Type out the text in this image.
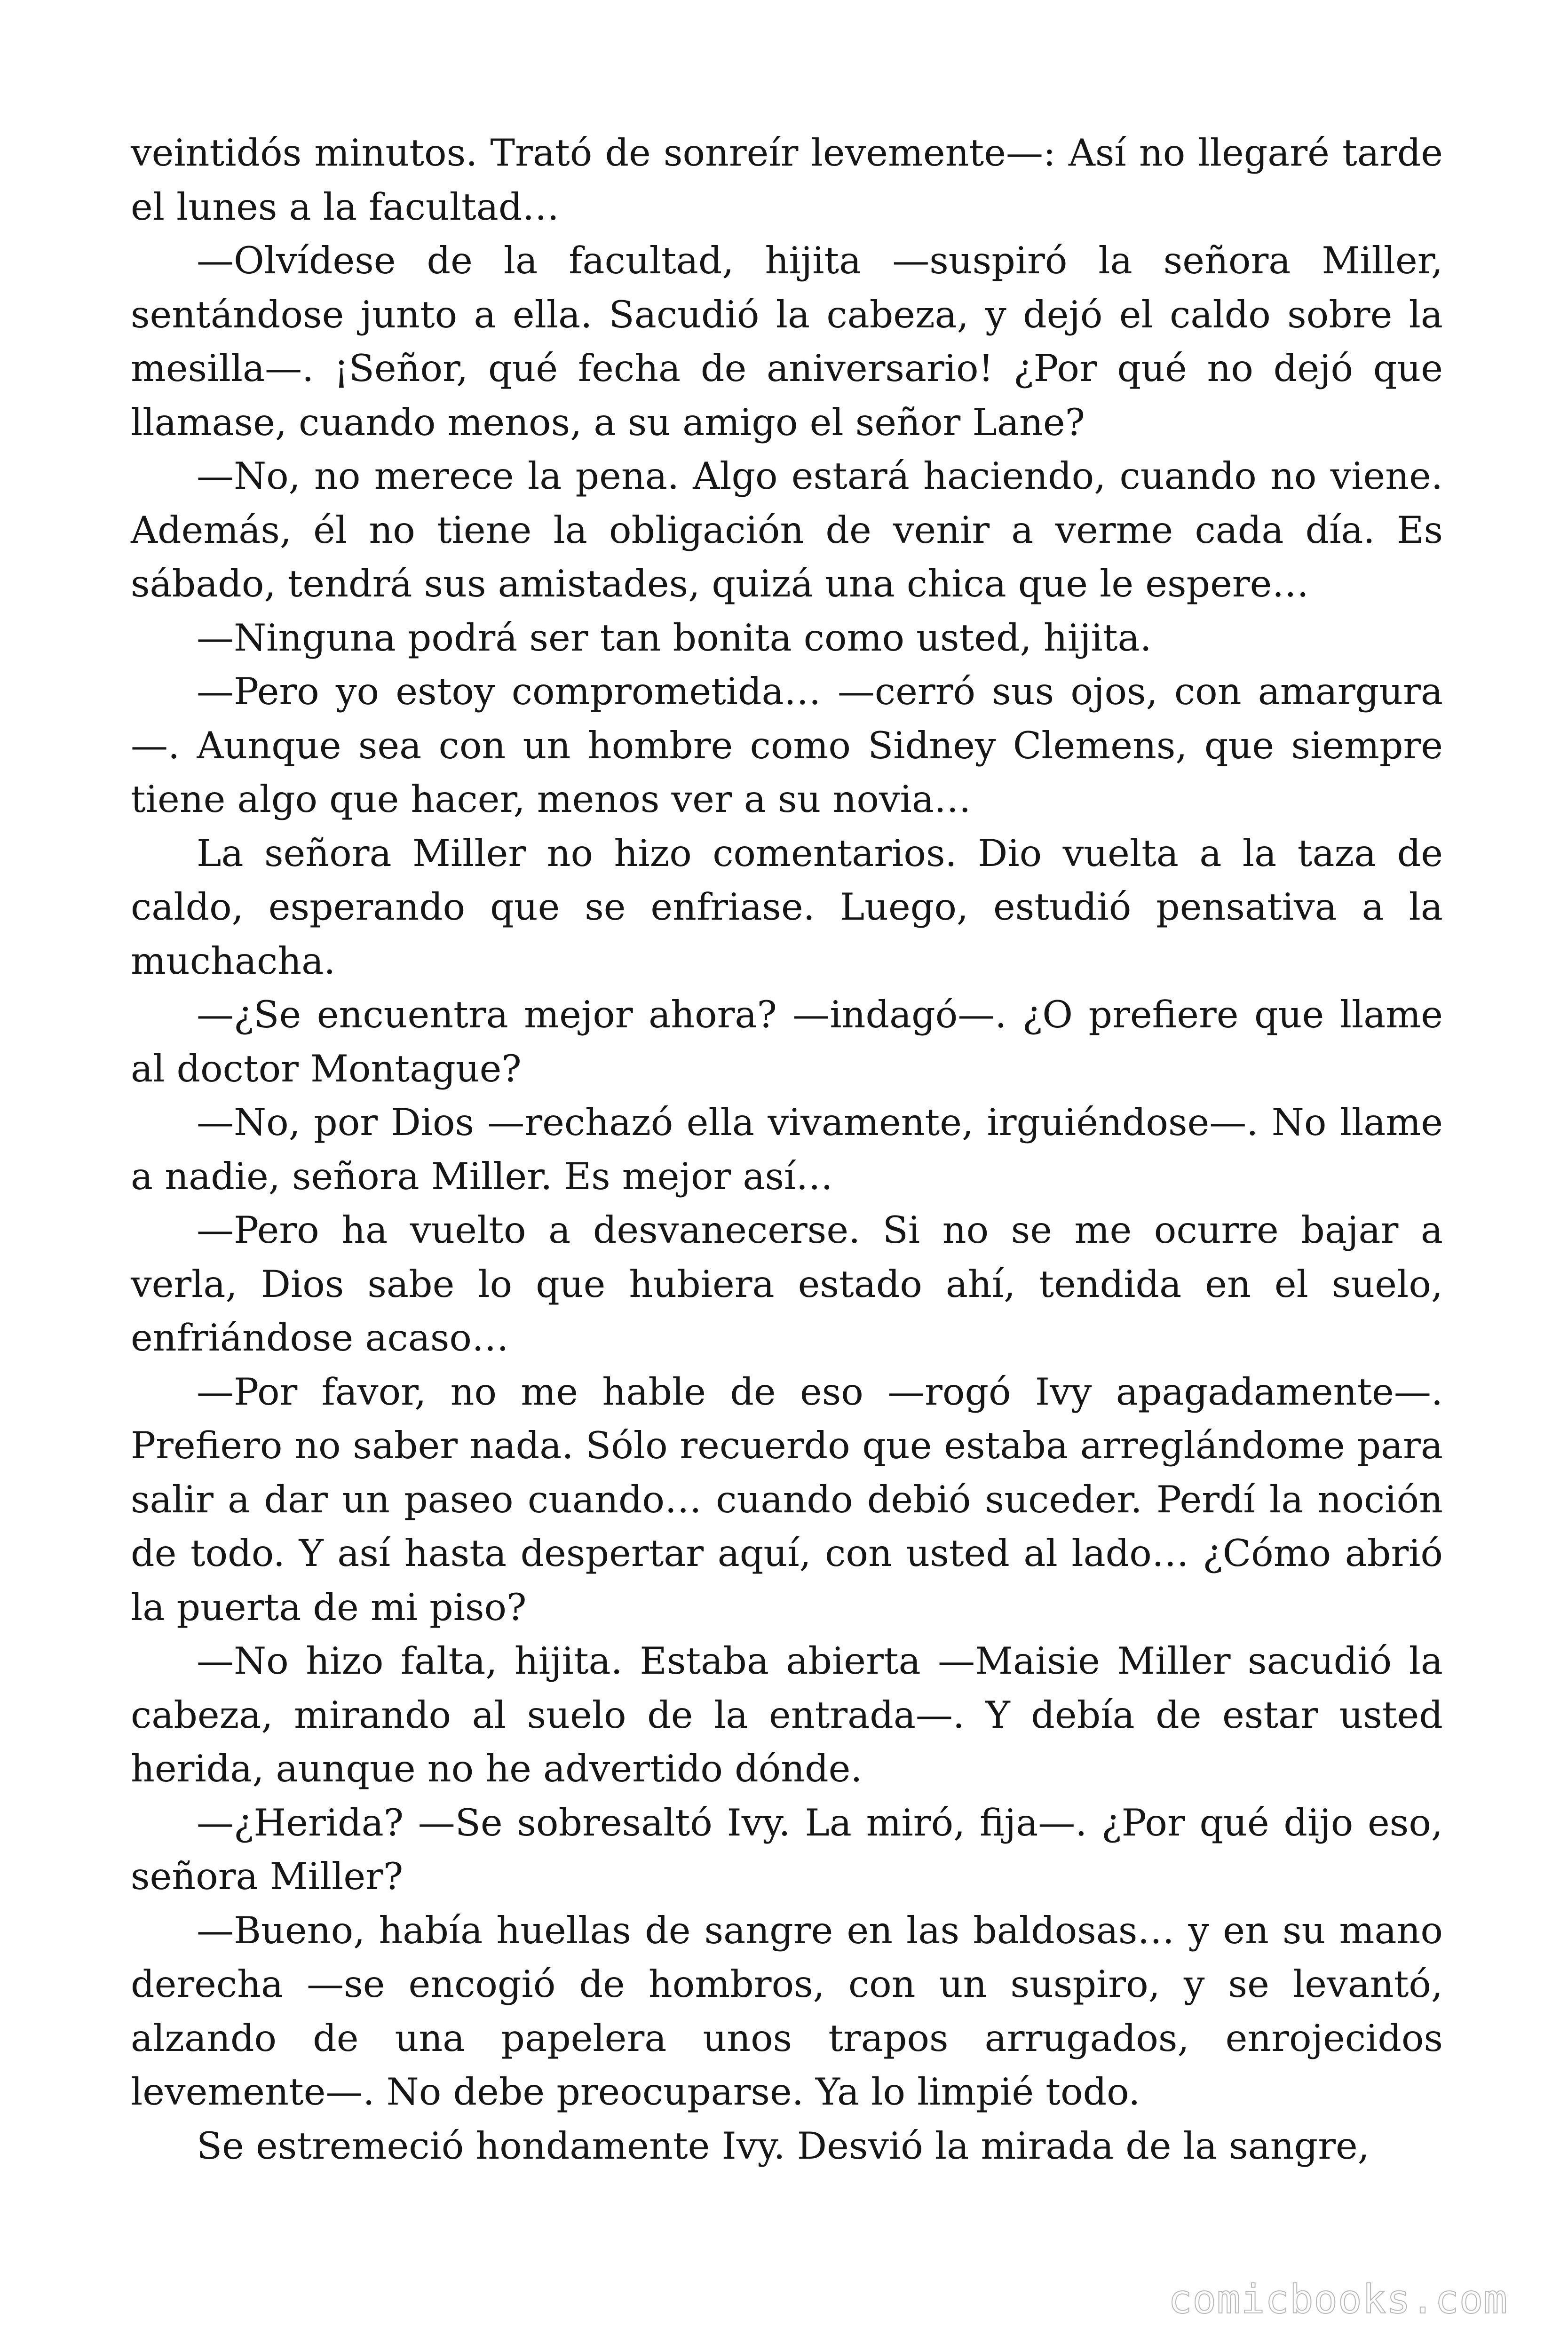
veintidós minutos. Trató de sonreír levemente—: Así no llegaré tarde el lunes a la facultad…

—Olvídese de la facultad, hijita —suspiró la señora Miller, sentándose junto a ella. Sacudió la cabeza, y dejó el caldo sobre la mesilla—. ¡Señor, qué fecha de aniversario! ¿Por qué no dejó que llamase, cuando menos, a su amigo el señor Lane?

—No, no merece la pena. Algo estará haciendo, cuando no viene. Además, él no tiene la obligación de venir a verme cada día. Es sábado, tendrá sus amistades, quizá una chica que le espere…

—Ninguna podrá ser tan bonita como usted, hijita.

—Pero yo estoy comprometida… —cerró sus ojos, con amargura —. Aunque sea con un hombre como Sidney Clemens, que siempre tiene algo que hacer, menos ver a su novia…

La señora Miller no hizo comentarios. Dio vuelta a la taza de caldo, esperando que se enfriase. Luego, estudió pensativa a la muchacha.

—¿Se encuentra mejor ahora? —indagó—. ¿O prefiere que llame al doctor Montague?

—No, por Dios —rechazó ella vivamente, irguiéndose—. No llame a nadie, señora Miller. Es mejor así…

—Pero ha vuelto a desvanecerse. Si no se me ocurre bajar a verla, Dios sabe lo que hubiera estado ahí, tendida en el suelo, enfriándose acaso…

—Por favor, no me hable de eso —rogó Ivy apagadamente—. Prefiero no saber nada. Sólo recuerdo que estaba arreglándome para salir a dar un paseo cuando… cuando debió suceder. Perdí la noción de todo. Y así hasta despertar aquí, con usted al lado… ¿Cómo abrió la puerta de mi piso?

—No hizo falta, hijita. Estaba abierta —Maisie Miller sacudió la cabeza, mirando al suelo de la entrada—. Y debía de estar usted herida, aunque no he advertido dónde.

—¿Herida? —Se sobresaltó Ivy. La miró, fija—. ¿Por qué dijo eso, señora Miller?

—Bueno, había huellas de sangre en las baldosas… y en su mano derecha —se encogió de hombros, con un suspiro, y se levantó, alzando de una papelera unos trapos arrugados, enrojecidos levemente—. No debe preocuparse. Ya lo limpié todo.

Se estremeció hondamente Ivy. Desvió la mirada de la sangre,

comicbooks.com
